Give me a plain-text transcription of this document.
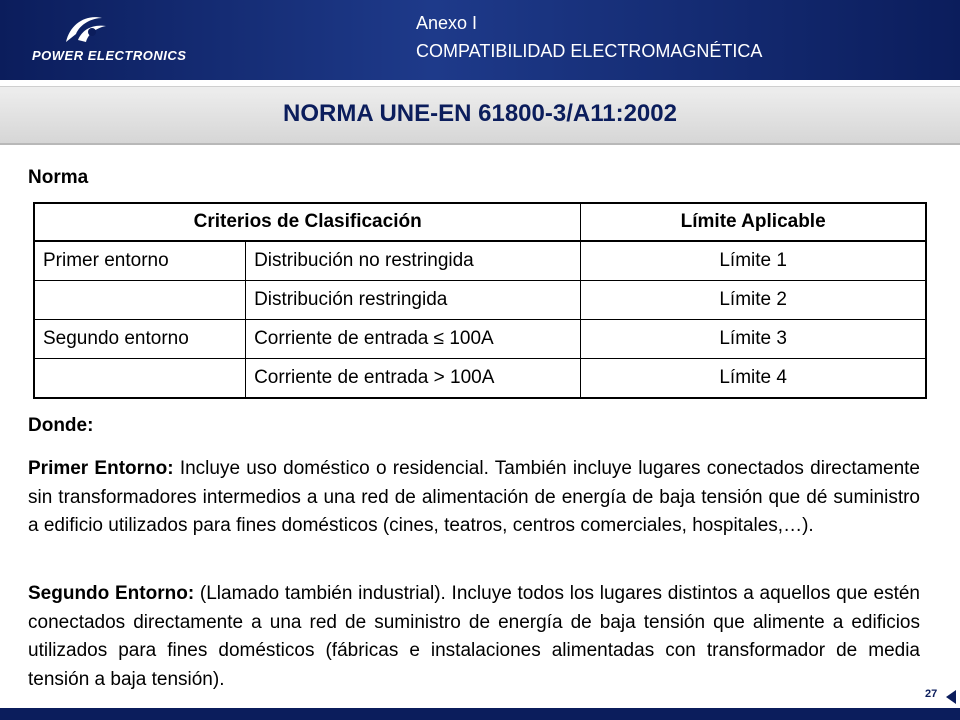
POWER ELECTRONICS
Anexo I
COMPATIBILIDAD ELECTROMAGNÉTICA
NORMA UNE-EN 61800-3/A11:2002
Norma
Criterios de Clasificación		Límite Aplicable
Primer entorno	Distribución no restringida	Límite 1
	Distribución restringida	Límite 2
Segundo entorno	Corriente de entrada ≤ 100A	Límite 3
	Corriente de entrada > 100A	Límite 4
Donde:
Primer Entorno: Incluye uso doméstico o residencial. También incluye lugares conectados directamente sin transformadores intermedios a una red de alimentación de energía de baja tensión que dé suministro a edificio utilizados para fines domésticos (cines, teatros, centros comerciales, hospitales,…).
Segundo Entorno: (Llamado también industrial). Incluye todos los lugares distintos a aquellos que estén conectados directamente a una red de suministro de energía de baja tensión que alimente a edificios utilizados para fines domésticos (fábricas e instalaciones alimentadas con transformador de media tensión a baja tensión).
27
